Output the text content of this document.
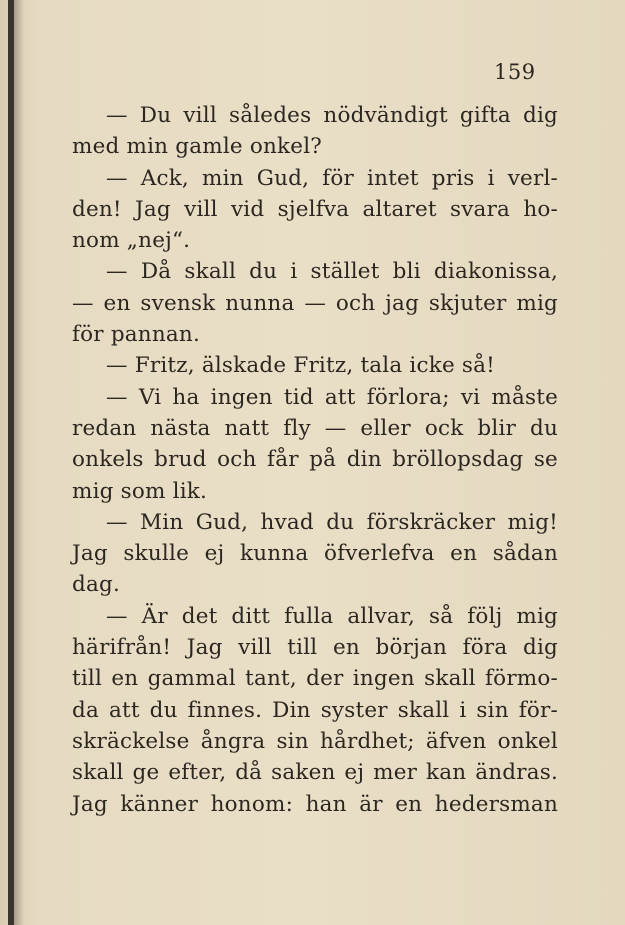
159
— Du vill således nödvändigt gifta dig
med min gamle onkel?
— Ack, min Gud, för intet pris i verl-
den! Jag vill vid sjelfva altaret svara ho-
nom „nej“.
— Då skall du i stället bli diakonissa,
— en svensk nunna — och jag skjuter mig
för pannan.
— Fritz, älskade Fritz, tala icke så!
— Vi ha ingen tid att förlora; vi måste
redan nästa natt fly — eller ock blir du
onkels brud och får på din bröllopsdag se
mig som lik.
— Min Gud, hvad du förskräcker mig!
Jag skulle ej kunna öfverlefva en sådan
dag.
— Är det ditt fulla allvar, så följ mig
härifrån! Jag vill till en början föra dig
till en gammal tant, der ingen skall förmo-
da att du finnes. Din syster skall i sin för-
skräckelse ångra sin hårdhet; äfven onkel
skall ge efter, då saken ej mer kan ändras.
Jag känner honom: han är en hedersman
